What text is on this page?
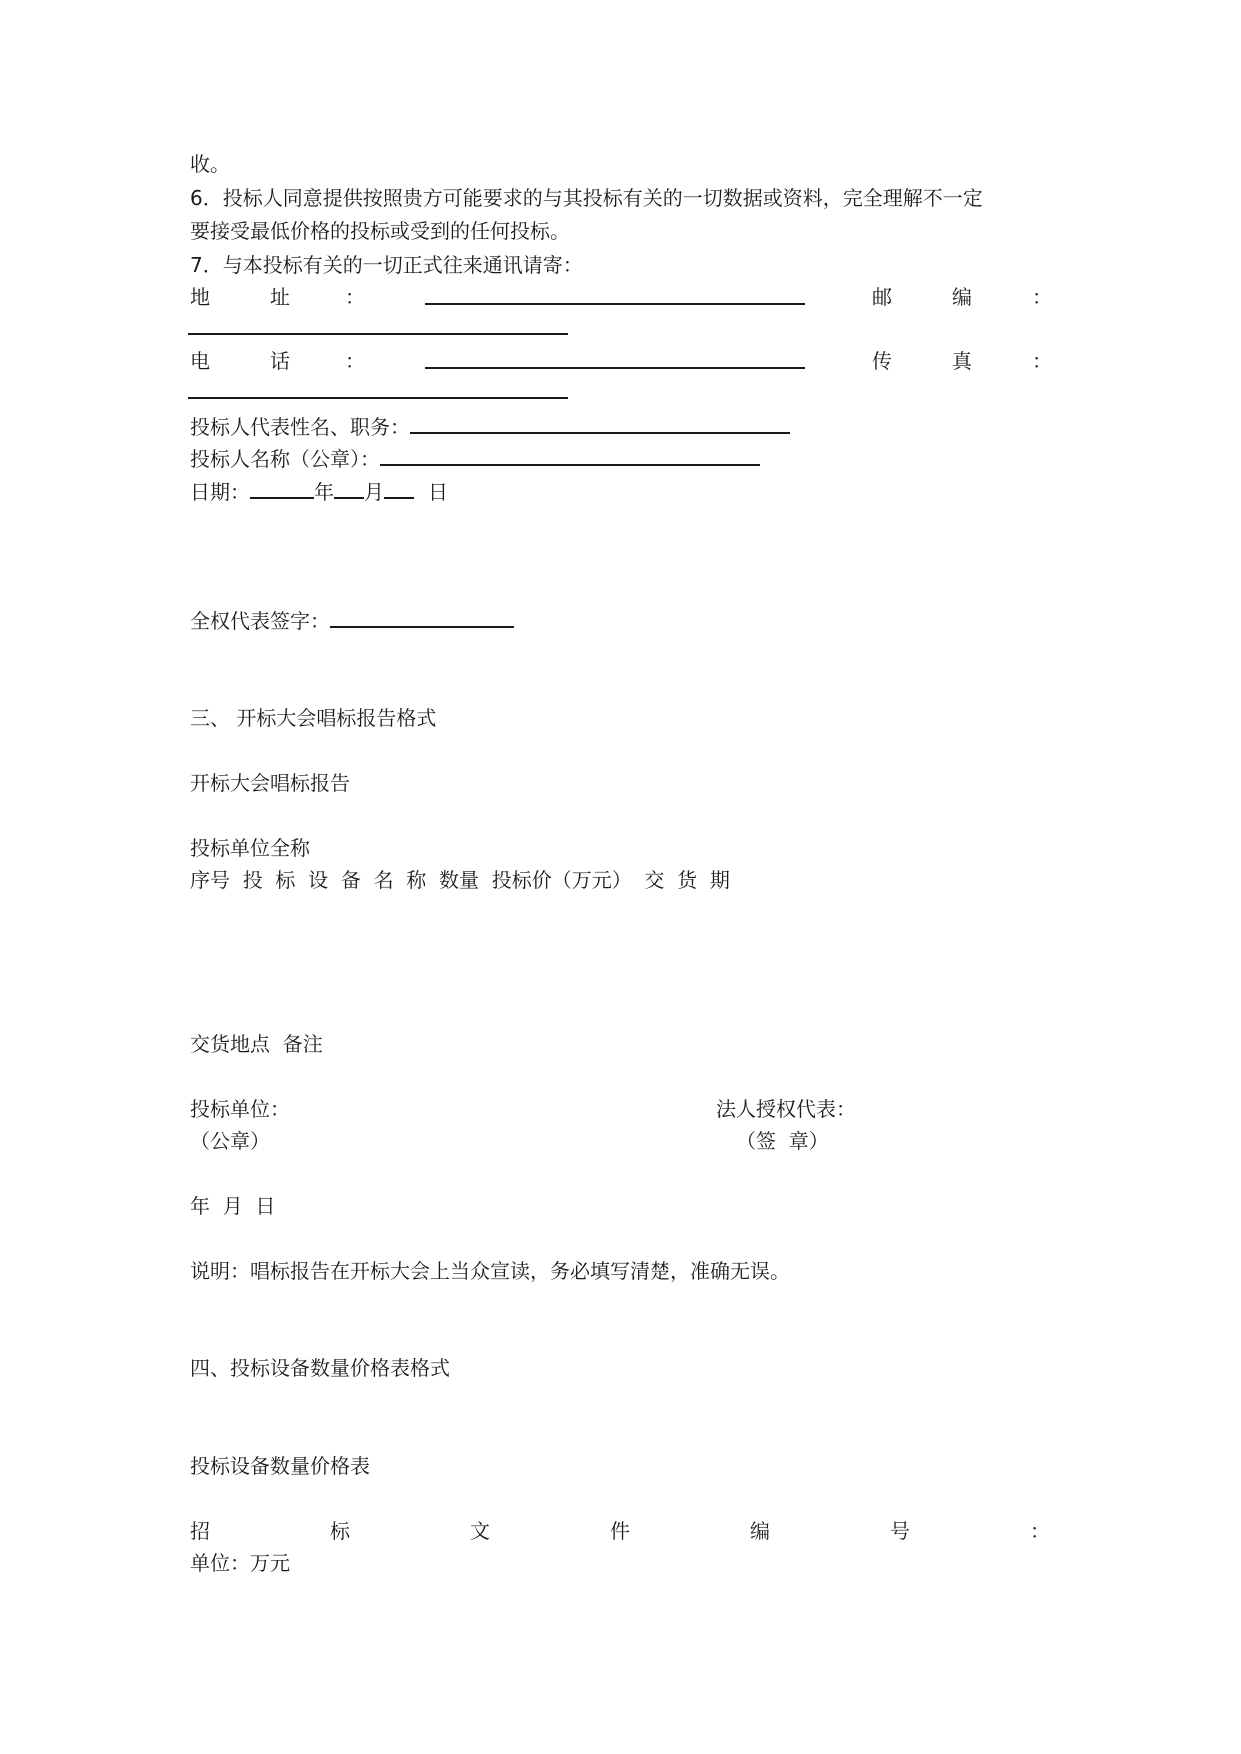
收。
6．投标人同意提供按照贵方可能要求的与其投标有关的一切数据或资料，完全理解不一定
要接受最低价格的投标或受到的任何投标。
7．与本投标有关的一切正式往来通讯请寄：
地	址	：	邮	编	：
电	话	：	传	真	：
投标人代表性名、职务：
投标人名称（公章）：
日期：	年 月 日
全权代表签字：
三、 开标大会唱标报告格式
开标大会唱标报告
投标单位全称
序号  投  标  设  备  名  称  数量  投标价（万元）  交  货  期
交货地点  备注
投标单位：	法人授权代表：
（公章）	（签  章）
年  月  日
说明：唱标报告在开标大会上当众宣读，务必填写清楚，准确无误。
四、投标设备数量价格表格式
投标设备数量价格表
招	标	文	件	编	号	：
单位：万元
